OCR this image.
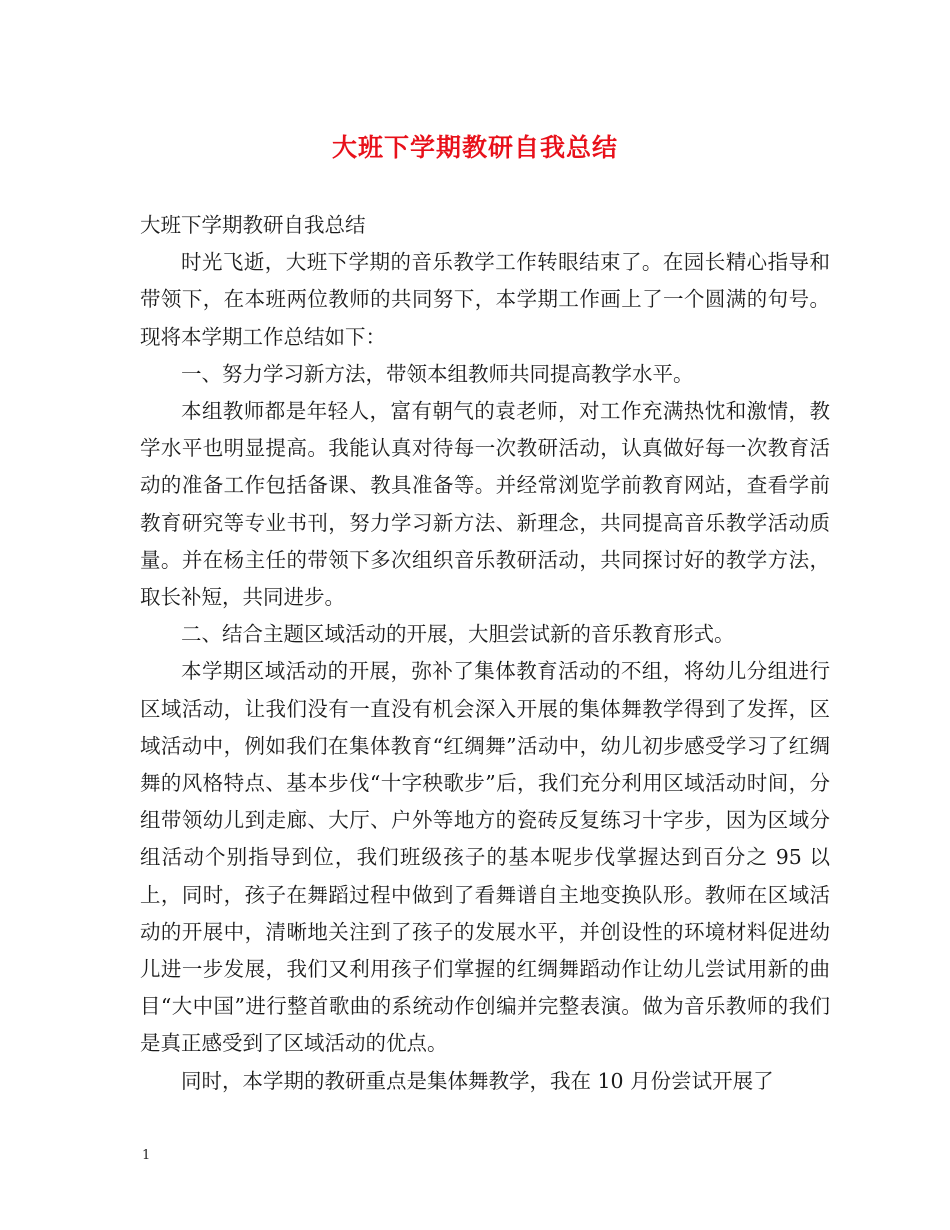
大班下学期教研自我总结

大班下学期教研自我总结

时光飞逝，大班下学期的音乐教学工作转眼结束了。在园长精心指导和带领下，在本班两位教师的共同努下，本学期工作画上了一个圆满的句号。现将本学期工作总结如下：

一、努力学习新方法，带领本组教师共同提高教学水平。

本组教师都是年轻人，富有朝气的袁老师，对工作充满热忱和激情，教学水平也明显提高。我能认真对待每一次教研活动，认真做好每一次教育活动的准备工作包括备课、教具准备等。并经常浏览学前教育网站，查看学前教育研究等专业书刊，努力学习新方法、新理念，共同提高音乐教学活动质量。并在杨主任的带领下多次组织音乐教研活动，共同探讨好的教学方法，取长补短，共同进步。

二、结合主题区域活动的开展，大胆尝试新的音乐教育形式。

本学期区域活动的开展，弥补了集体教育活动的不组，将幼儿分组进行区域活动，让我们没有一直没有机会深入开展的集体舞教学得到了发挥，区域活动中，例如我们在集体教育“红绸舞”活动中，幼儿初步感受学习了红绸舞的风格特点、基本步伐“十字秧歌步”后，我们充分利用区域活动时间，分组带领幼儿到走廊、大厅、户外等地方的瓷砖反复练习十字步，因为区域分组活动个别指导到位，我们班级孩子的基本呢步伐掌握达到百分之 95 以上，同时，孩子在舞蹈过程中做到了看舞谱自主地变换队形。教师在区域活动的开展中，清晰地关注到了孩子的发展水平，并创设性的环境材料促进幼儿进一步发展，我们又利用孩子们掌握的红绸舞蹈动作让幼儿尝试用新的曲目“大中国”进行整首歌曲的系统动作创编并完整表演。做为音乐教师的我们是真正感受到了区域活动的优点。

同时，本学期的教研重点是集体舞教学，我在 10 月份尝试开展了

1
